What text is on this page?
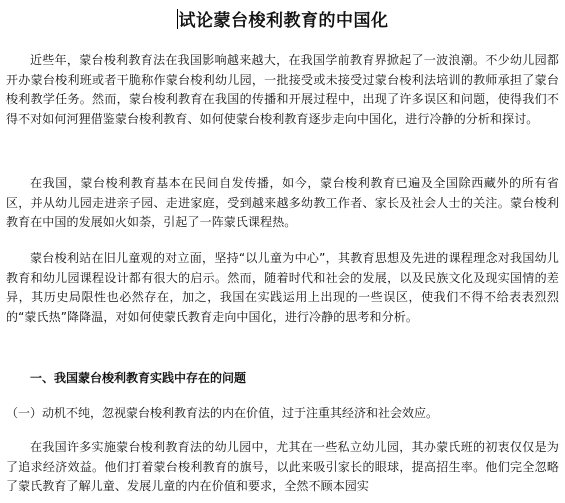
试论蒙台梭利教育的中国化

近些年，蒙台梭利教育法在我国影响越来越大，在我国学前教育界掀起了一波浪潮。不少幼儿园都开办蒙台梭利班或者干脆称作蒙台梭利幼儿园，一批接受或未接受过蒙台梭利法培训的教师承担了蒙台梭利教学任务。然而，蒙台梭利教育在我国的传播和开展过程中，出现了许多误区和问题，使得我们不得不对如何河狸借鉴蒙台梭利教育、如何使蒙台梭利教育逐步走向中国化，进行冷静的分析和探讨。

在我国，蒙台梭利教育基本在民间自发传播，如今，蒙台梭利教育已遍及全国除西藏外的所有省区，并从幼儿园走进亲子园、走进家庭，受到越来越多幼教工作者、家长及社会人士的关注。蒙台梭利教育在中国的发展如火如荼，引起了一阵蒙氏课程热。

蒙台梭利站在旧儿童观的对立面，坚持“以儿童为中心”，其教育思想及先进的课程理念对我国幼儿教育和幼儿园课程设计都有很大的启示。然而，随着时代和社会的发展，以及民族文化及现实国情的差异，其历史局限性也必然存在，加之，我国在实践运用上出现的一些误区，使我们不得不给表表烈烈的“蒙氏热”降降温，对如何使蒙氏教育走向中国化，进行冷静的思考和分析。

一、我国蒙台梭利教育实践中存在的问题

（一）动机不纯，忽视蒙台梭利教育法的内在价值，过于注重其经济和社会效应。

在我国许多实施蒙台梭利教育法的幼儿园中，尤其在一些私立幼儿园，其办蒙氏班的初衷仅仅是为了追求经济效益。他们打着蒙台梭利教育的旗号，以此来吸引家长的眼球，提高招生率。他们完全忽略了蒙氏教育了解儿童、发展儿童的内在价值和要求，全然不顾本园实
